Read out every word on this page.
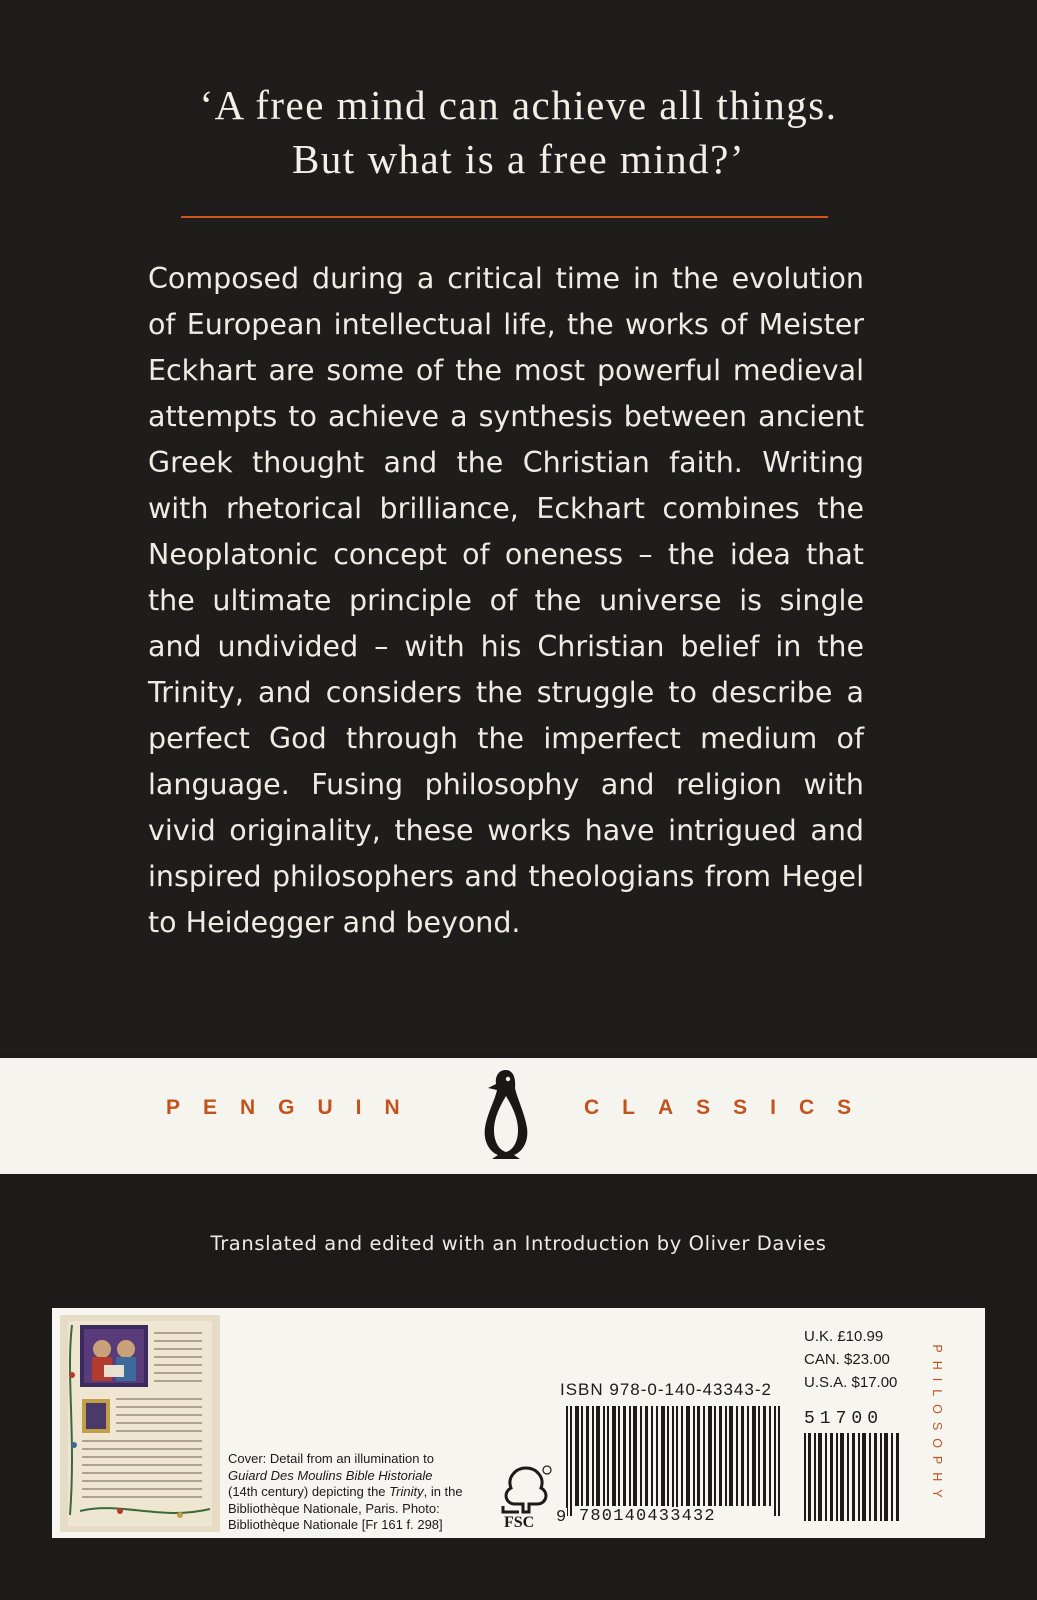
‘A free mind can achieve all things.
But what is a free mind?’
Composed during a critical time in the evolution
of European intellectual life, the works of Meister
Eckhart are some of the most powerful medieval
attempts to achieve a synthesis between ancient
Greek thought and the Christian faith. Writing
with rhetorical brilliance, Eckhart combines the
Neoplatonic concept of oneness – the idea that
the ultimate principle of the universe is single
and undivided – with his Christian belief in the
Trinity, and considers the struggle to describe a
perfect God through the imperfect medium of
language. Fusing philosophy and religion with
vivid originality, these works have intrigued and
inspired philosophers and theologians from Hegel
to Heidegger and beyond.
PENGUIN	CLASSICS
Translated and edited with an Introduction by Oliver Davies
Cover: Detail from an illumination to
Guiard Des Moulins Bible Historiale
(14th century) depicting the Trinity, in the
Bibliothèque Nationale, Paris. Photo:
Bibliothèque Nationale [Fr 161 f. 298]	FSC
ISBN 978-0-140-43343-2
9 780140433432
51700
U.K. £10.99
CAN. $23.00
U.S.A. $17.00	PHILOSOPHY
